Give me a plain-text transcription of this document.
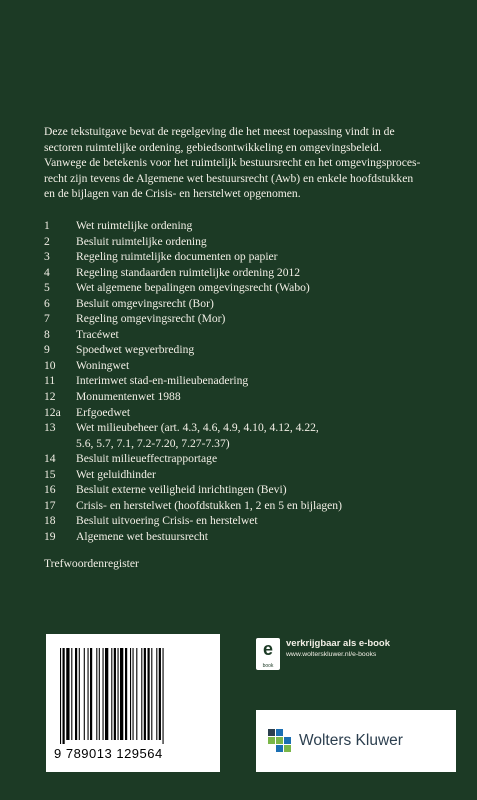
Deze tekstuitgave bevat de regelgeving die het meest toepassing vindt in de

sectoren ruimtelijke ordening, gebiedsontwikkeling en omgevingsbeleid.

Vanwege de betekenis voor het ruimtelijk bestuursrecht en het omgevingsproces-

recht zijn tevens de Algemene wet bestuursrecht (Awb) en enkele hoofdstukken

en de bijlagen van de Crisis- en herstelwet opgenomen.

1	Wet ruimtelijke ordening
2	Besluit ruimtelijke ordening
3	Regeling ruimtelijke documenten op papier
4	Regeling standaarden ruimtelijke ordening 2012
5	Wet algemene bepalingen omgevingsrecht (Wabo)
6	Besluit omgevingsrecht (Bor)
7	Regeling omgevingsrecht (Mor)
8	Tracéwet
9	Spoedwet wegverbreding
10	Woningwet
11	Interimwet stad-en-milieubenadering
12	Monumentenwet 1988
12a	Erfgoedwet
13	Wet milieubeheer (art. 4.3, 4.6, 4.9, 4.10, 4.12, 4.22,
5.6, 5.7, 7.1, 7.2-7.20, 7.27-7.37)
14	Besluit milieueffectrapportage
15	Wet geluidhinder
16	Besluit externe veiligheid inrichtingen (Bevi)
17	Crisis- en herstelwet (hoofdstukken 1, 2 en 5 en bijlagen)
18	Besluit uitvoering Crisis- en herstelwet
19	Algemene wet bestuursrecht
Trefwoordenregister
9 789013 129564
e
book
verkrijgbaar als e-book
www.wolterskluwer.nl/e-books
Wolters Kluwer
